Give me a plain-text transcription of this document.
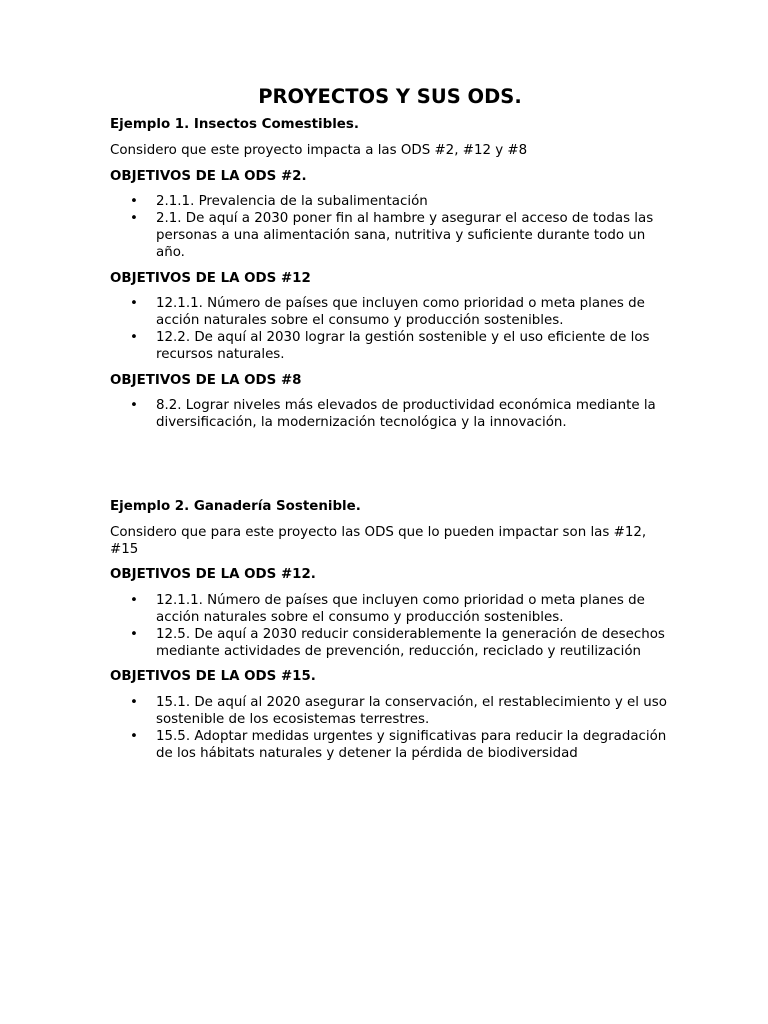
PROYECTOS Y SUS ODS.
Ejemplo 1. Insectos Comestibles.
Considero que este proyecto impacta a las ODS #2, #12 y #8
OBJETIVOS DE LA ODS #2.
• 2.1.1. Prevalencia de la subalimentación
• 2.1. De aquí a 2030 poner fin al hambre y asegurar el acceso de todas las personas a una alimentación sana, nutritiva y suficiente durante todo un año.
OBJETIVOS DE LA ODS #12
• 12.1.1. Número de países que incluyen como prioridad o meta planes de acción naturales sobre el consumo y producción sostenibles.
• 12.2. De aquí al 2030 lograr la gestión sostenible y el uso eficiente de los recursos naturales.
OBJETIVOS DE LA ODS #8
• 8.2. Lograr niveles más elevados de productividad económica mediante la diversificación, la modernización tecnológica y la innovación.
Ejemplo 2. Ganadería Sostenible.
Considero que para este proyecto las ODS que lo pueden impactar son las #12, #15
OBJETIVOS DE LA ODS #12.
• 12.1.1. Número de países que incluyen como prioridad o meta planes de acción naturales sobre el consumo y producción sostenibles.
• 12.5. De aquí a 2030 reducir considerablemente la generación de desechos mediante actividades de prevención, reducción, reciclado y reutilización
OBJETIVOS DE LA ODS #15.
• 15.1. De aquí al 2020 asegurar la conservación, el restablecimiento y el uso sostenible de los ecosistemas terrestres.
• 15.5. Adoptar medidas urgentes y significativas para reducir la degradación de los hábitats naturales y detener la pérdida de biodiversidad
